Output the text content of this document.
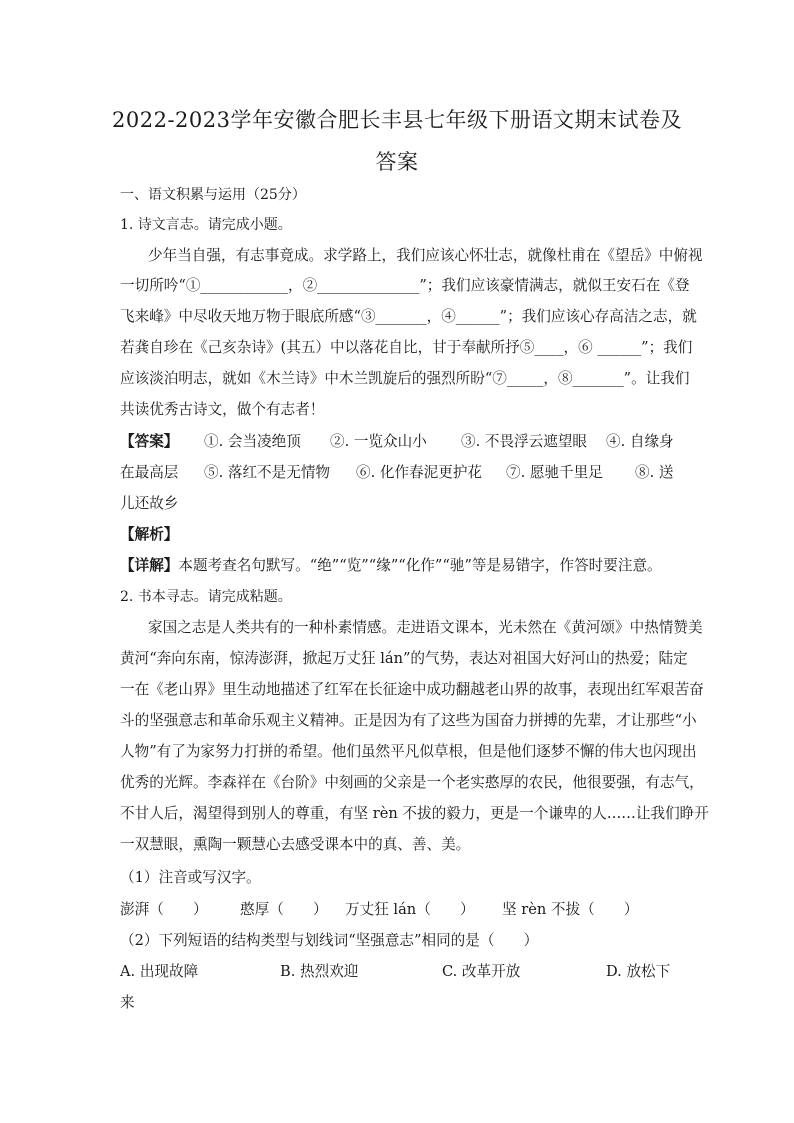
2022-2023学年安徽合肥长丰县七年级下册语文期末试卷及
答案
一、语文积累与运用（25分）
1. 诗文言志。请完成小题。
少年当自强，有志事竟成。求学路上，我们应该心怀壮志，就像杜甫在《望岳》中俯视
一切所吟“①____________，②______________”；我们应该豪情满志，就似王安石在《登
飞来峰》中尽收天地万物于眼底所感“③_______，④______”；我们应该心存高洁之志，就
若龚自珍在《己亥杂诗》(其五）中以落花自比，甘于奉献所抒⑤____，⑥ ______”；我们
应该淡泊明志，就如《木兰诗》中木兰凯旋后的强烈所盼“⑦_____，⑧_______”。让我们
共读优秀古诗文，做个有志者！
【答案】 ①. 会当凌绝顶 ②. 一览众山小 ③. 不畏浮云遮望眼 ④. 自缘身
在最高层 ⑤. 落红不是无情物 ⑥. 化作春泥更护花 ⑦. 愿驰千里足 ⑧. 送
儿还故乡
【解析】
【详解】本题考查名句默写。“绝”“览”“缘”“化作”“驰”等是易错字，作答时要注意。
2. 书本寻志。请完成粘题。
家国之志是人类共有的一种朴素情感。走进语文课本，光未然在《黄河颂》中热情赞美
黄河“奔向东南，惊涛澎湃，掀起万丈狂 lán”的气势，表达对祖国大好河山的热爱；陆定
一在《老山界》里生动地描述了红军在长征途中成功翻越老山界的故事，表现出红军艰苦奋
斗的坚强意志和革命乐观主义精神。正是因为有了这些为国奋力拼搏的先辈，才让那些“小
人物”有了为家努力打拼的希望。他们虽然平凡似草根，但是他们逐梦不懈的伟大也闪现出
优秀的光辉。李森祥在《台阶》中刻画的父亲是一个老实憨厚的农民，他很要强，有志气，
不甘人后，渴望得到别人的尊重，有坚 rèn 不拔的毅力，更是一个谦卑的人……让我们睁开
一双慧眼，熏陶一颗慧心去感受课本中的真、善、美。
（1）注音或写汉字。
澎湃（　　） 憨厚（　　） 万丈狂 lán（　　） 坚 rèn 不拔（　　）
（2）下列短语的结构类型与划线词“坚强意志”相同的是（　　）
A. 出现故障	B. 热烈欢迎	C. 改革开放	D. 放松下
来
